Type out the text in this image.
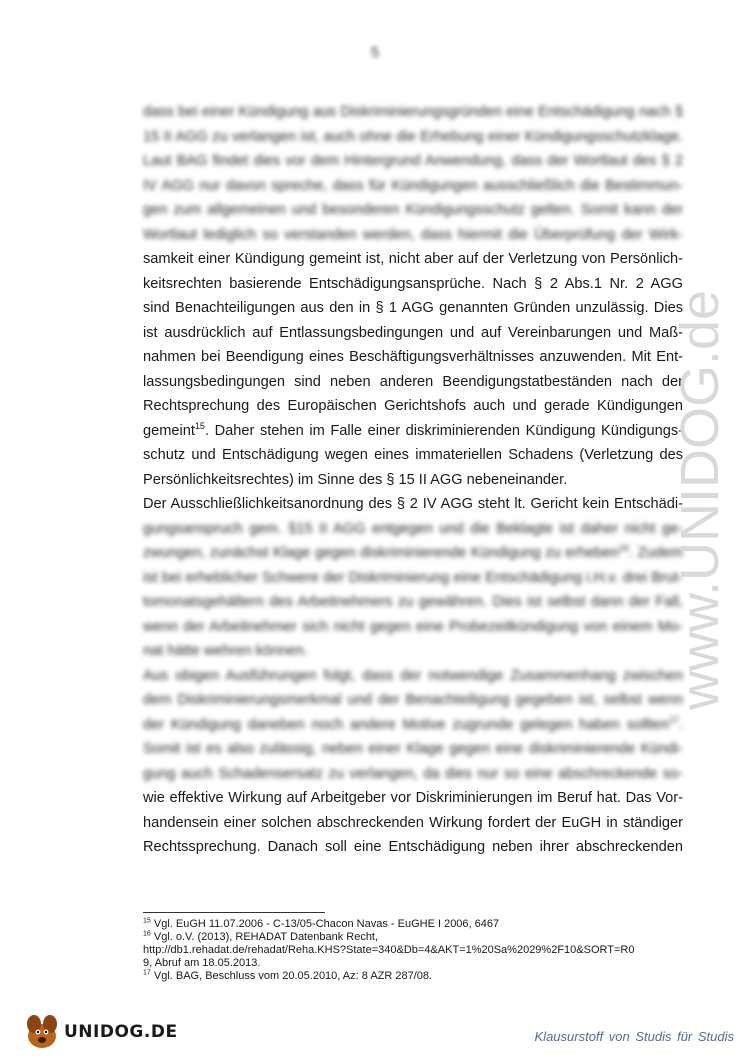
5
dass bei einer Kündigung aus Diskriminierungsgründen eine Entschädigung nach §
15 II AGG zu verlangen ist, auch ohne die Erhebung einer Kündigungsschutzklage.
Laut BAG findet dies vor dem Hintergrund Anwendung, dass der Wortlaut des § 2
IV AGG nur davon spreche, dass für Kündigungen ausschließlich die Bestimmun-
gen zum allgemeinen und besonderen Kündigungsschutz gelten. Somit kann der
Wortlaut lediglich so verstanden werden, dass hiermit die Überprüfung der Wirk-
samkeit einer Kündigung gemeint ist, nicht aber auf der Verletzung von Persönlich-
keitsrechten basierende Entschädigungsansprüche. Nach § 2 Abs.1 Nr. 2 AGG
sind Benachteiligungen aus den in § 1 AGG genannten Gründen unzulässig. Dies
ist ausdrücklich auf Entlassungsbedingungen und auf Vereinbarungen und Maß-
nahmen bei Beendigung eines Beschäftigungsverhältnisses anzuwenden. Mit Ent-
lassungsbedingungen sind neben anderen Beendigungstatbeständen nach der
Rechtsprechung des Europäischen Gerichtshofs auch und gerade Kündigungen
gemeint$^{15}$. Daher stehen im Falle einer diskriminierenden Kündigung Kündigungs-
schutz und Entschädigung wegen eines immateriellen Schadens (Verletzung des
Persönlichkeitsrechtes) im Sinne des § 15 II AGG nebeneinander.
Der Ausschließlichkeitsanordnung des § 2 IV AGG steht lt. Gericht kein Entschädi-
gungsanspruch gem. §15 II AGG entgegen und die Beklagte ist daher nicht ge-
zwungen, zunächst Klage gegen diskriminierende Kündigung zu erheben$^{16}$. Zudem
ist bei erheblicher Schwere der Diskriminierung eine Entschädigung i.H.v. drei Brut-
tomonatsgehältern des Arbeitnehmers zu gewähren. Dies ist selbst dann der Fall,
wenn der Arbeitnehmer sich nicht gegen eine Probezeitkündigung von einem Mo-
nat hätte wehren können.
Aus obigen Ausführungen folgt, dass der notwendige Zusammenhang zwischen
dem Diskriminierungsmerkmal und der Benachteiligung gegeben ist, selbst wenn
der Kündigung daneben noch andere Motive zugrunde gelegen haben sollten$^{17}$.
Somit ist es also zulässig, neben einer Klage gegen eine diskriminierende Kündi-
gung auch Schadensersatz zu verlangen, da dies nur so eine abschreckende so-
wie effektive Wirkung auf Arbeitgeber vor Diskriminierungen im Beruf hat. Das Vor-
handensein einer solchen abschreckenden Wirkung fordert der EuGH in ständiger
Rechtssprechung. Danach soll eine Entschädigung neben ihrer abschreckenden
$^{15}$ Vgl. EuGH 11.07.2006 - C-13/05-Chacon Navas - EuGHE I 2006, 6467
$^{16}$ Vgl. o.V. (2013), REHADAT Datenbank Recht,
http://db1.rehadat.de/rehadat/Reha.KHS?State=340&Db=4&AKT=1%20Sa%2029%2F10&SORT=R0
9, Abruf am 18.05.2013.
$^{17}$ Vgl. BAG, Beschluss vom 20.05.2010, Az: 8 AZR 287/08.
www.UNIDOG.de
UNIDOG.DE	Klausurstoff von Studis für Studis
